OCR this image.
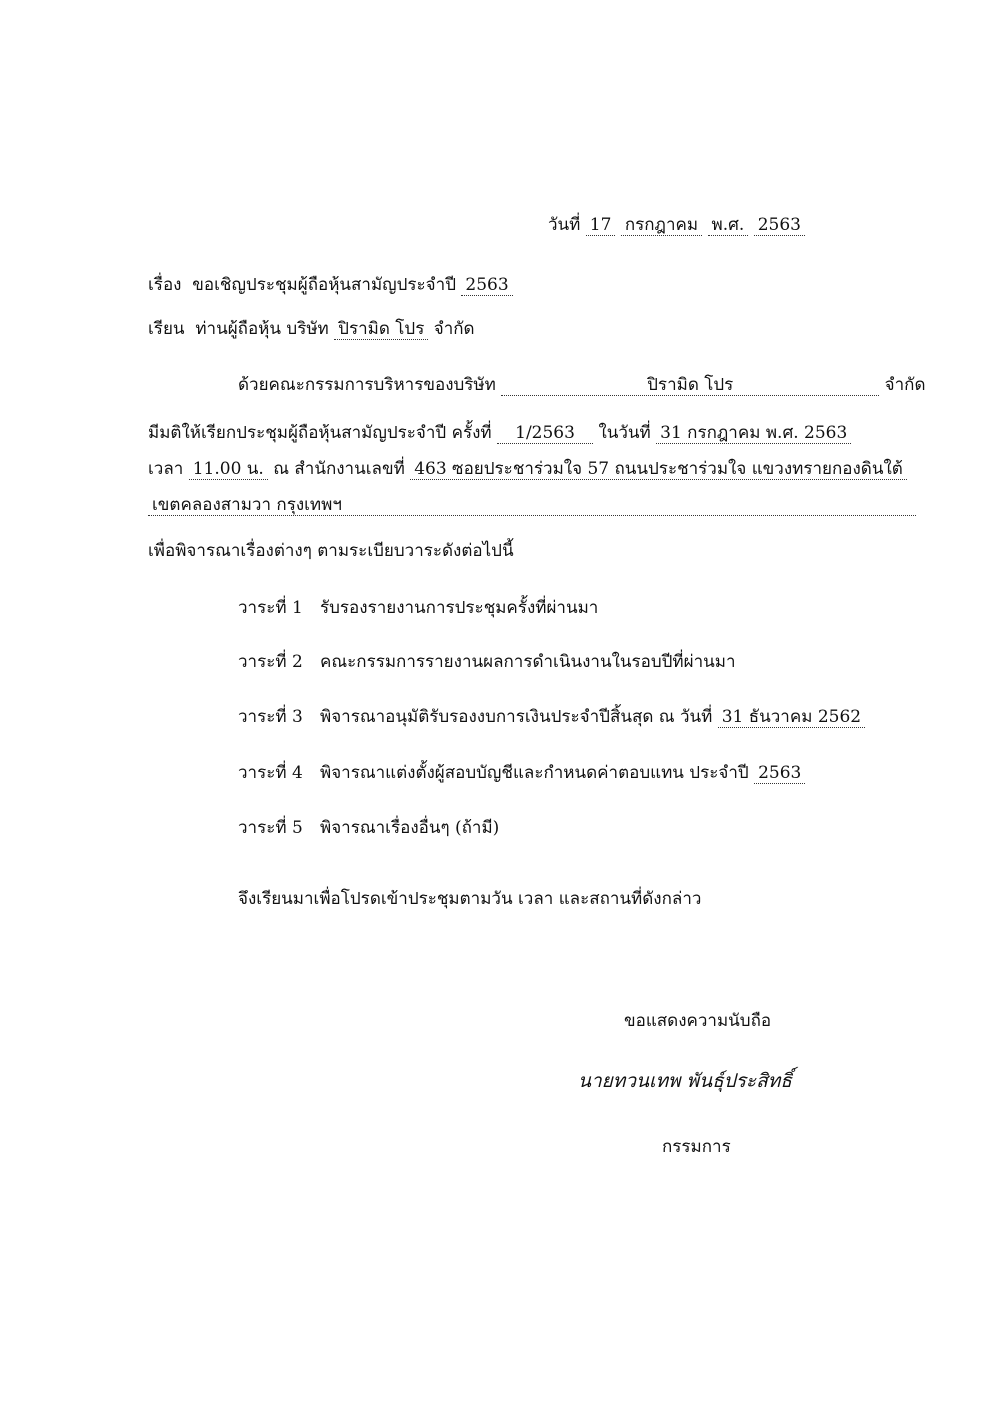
วันที่ 17 กรกฎาคม พ.ศ. 2563
เรื่อง ขอเชิญประชุมผู้ถือหุ้นสามัญประจำปี 2563
เรียน ท่านผู้ถือหุ้น บริษัท ปิรามิด โปร จำกัด
ด้วยคณะกรรมการบริหารของบริษัท	ปิรามิด โปร	จำกัด
มีมติให้เรียกประชุมผู้ถือหุ้นสามัญประจำปี ครั้งที่ 1/2563 ในวันที่ 31 กรกฎาคม พ.ศ. 2563
เวลา 11.00 น. ณ สำนักงานเลขที่ 463 ซอยประชาร่วมใจ 57 ถนนประชาร่วมใจ แขวงทรายกองดินใต้
เขตคลองสามวา กรุงเทพฯ
เพื่อพิจารณาเรื่องต่างๆ ตามระเบียบวาระดังต่อไปนี้
วาระที่ 1 รับรองรายงานการประชุมครั้งที่ผ่านมา
วาระที่ 2 คณะกรรมการรายงานผลการดำเนินงานในรอบปีที่ผ่านมา
วาระที่ 3 พิจารณาอนุมัติรับรองงบการเงินประจำปีสิ้นสุด ณ วันที่ 31 ธันวาคม 2562
วาระที่ 4 พิจารณาแต่งตั้งผู้สอบบัญชีและกำหนดค่าตอบแทน ประจำปี 2563
วาระที่ 5 พิจารณาเรื่องอื่นๆ (ถ้ามี)
จึงเรียนมาเพื่อโปรดเข้าประชุมตามวัน เวลา และสถานที่ดังกล่าว
ขอแสดงความนับถือ
นายทวนเทพ พันธุ์ประสิทธิ์
กรรมการ
